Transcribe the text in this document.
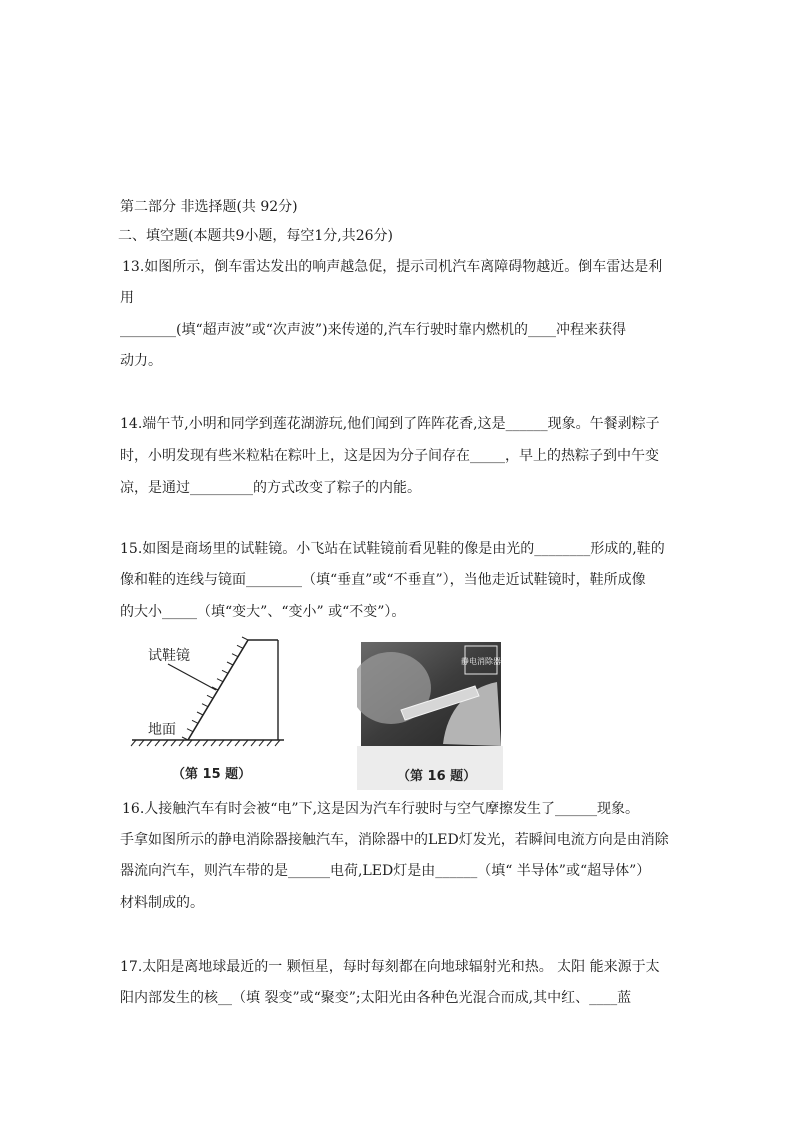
第二部分 非选择题(共 92分)
二、填空题(本题共9小题，每空1分,共26分)
13.如图所示，倒车雷达发出的响声越急促，提示司机汽车离障碍物越近。倒车雷达是利
用
________(填“超声波”或“次声波”)来传递的,汽车行驶时靠内燃机的____冲程来获得
动力。
14.端午节,小明和同学到莲花湖游玩,他们闻到了阵阵花香,这是______现象。午餐剥粽子
时，小明发现有些米粒粘在粽叶上，这是因为分子间存在_____，早上的热粽子到中午变
凉，是通过_________的方式改变了粽子的内能。
15.如图是商场里的试鞋镜。小飞站在试鞋镜前看见鞋的像是由光的________形成的,鞋的
像和鞋的连线与镜面________（填“垂直”或“不垂直”），当他走近试鞋镜时，鞋所成像
的大小_____（填“变大”、“变小” 或“不变”）。
试鞋镜
地面
（第 15 题）
静电消除器
（第 16 题）
16.人接触汽车有时会被“电”下,这是因为汽车行驶时与空气摩擦发生了______现象。
手拿如图所示的静电消除器接触汽车，消除器中的LED灯发光，若瞬间电流方向是由消除
器流向汽车，则汽车带的是______电荷,LED灯是由______（填“ 半导体”或“超导体”）
材料制成的。
17.太阳是离地球最近的一 颗恒星，每时每刻都在向地球辐射光和热。 太阳 能来源于太
阳内部发生的核__（填 裂变”或“聚变”;太阳光由各种色光混合而成,其中红、____蓝
